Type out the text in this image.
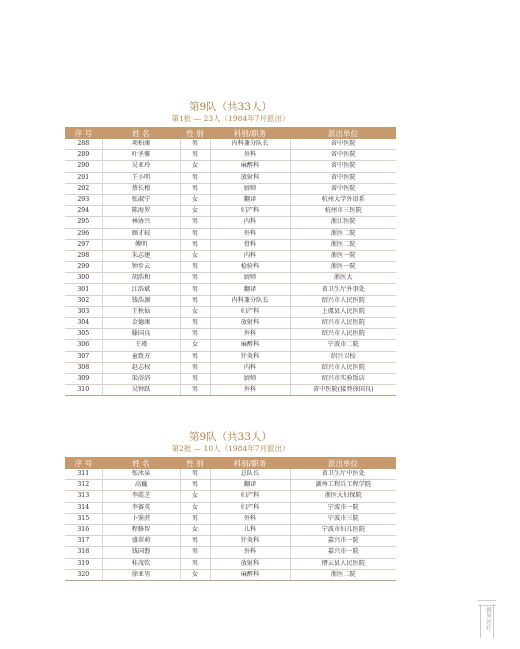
第9队（共33人）
第1批 — 23人（1984年7月派出）
序 号	姓 名	性 别	科别/职务	派出单位
288	项柏康	男	内科兼分队长	省中医院
289	叶圣雅	男	外科	省中医院
290	吴亚玲	女	麻醉科	省中医院
291	王小明	男	放射科	省中医院
292	蔡长根	男	厨师	省中医院
293	张淑宁	女	翻译	杭州大学外语系
294	陈海罗	女	妇产科	杭州市三医院
295	林协兴	男	内科	浙江医院
296	顾才较	男	外科	浙医二院
297	傅明	男	骨科	浙医二院
298	朱志建	女	内科	浙医一院
299	钟步云	男	检验科	浙医一院
300	胡浩和	男	厨师	浙医大
301	江浩斌	男	翻译	省卫生厅外事处
302	钱浩源	男	内科兼分队长	绍兴市人民医院
303	王秋仙	女	妇产科	上虞县人民医院
304	金德康	男	放射科	绍兴市人民医院
305	滕国良	男	外科	绍兴市人民医院
306	王瑾	女	麻醉科	宁波市二院
307	童致方	男	针灸科	绍兴卫校
308	赵志权	男	内科	绍兴市人民医院
309	渠浴浴	男	厨师	绍兴市实验饭店
310	吴钟跃	男	外科	省中医院(接替徐国良)
第9队（共33人）
第2批 — 10人（1984年7月派出）
序 号	姓 名	性 别	科别/职务	派出单位
311	张冰泉	男	总队长	省卫生厅中医处
312	高巍	男	翻译	湖州工程兵工程学院
313	李霞芝	女	妇产科	浙医大妇保院
314	李赛英	女	妇产科	宁波市一院
315	卜鉴蔗	男	外科	宁波市三院
316	程修智	女	儿科	宁波市妇儿医院
317	盛翠莉	男	针灸科	嘉兴市一院
318	钱国磐	男	外科	嘉兴市一院
319	桂茂钦	男	放射科	缙云县人民医院
320	徐亚男	女	麻醉科	浙医二院
援外医疗
